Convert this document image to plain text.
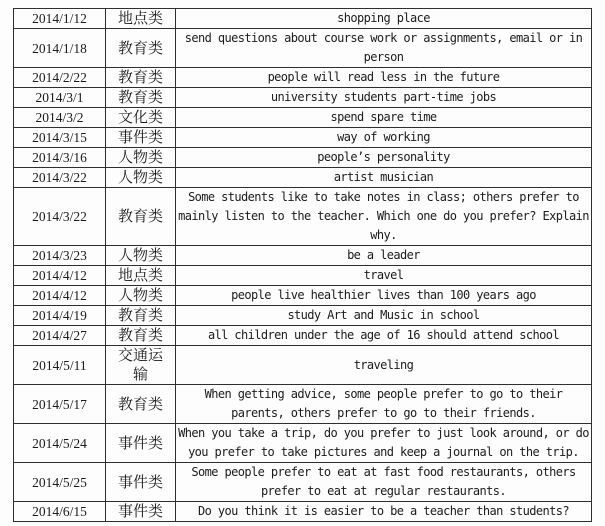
2014/1/12	地点类	shopping place
2014/1/18	教育类	send questions about course work or assignments, email or in person
2014/2/22	教育类	people will read less in the future
2014/3/1	教育类	university students part-time jobs
2014/3/2	文化类	spend spare time
2014/3/15	事件类	way of working
2014/3/16	人物类	people’s personality
2014/3/22	人物类	artist musician
2014/3/22	教育类	Some students like to take notes in class; others prefer to mainly listen to the teacher. Which one do you prefer? Explain why.
2014/3/23	人物类	be a leader
2014/4/12	地点类	travel
2014/4/12	人物类	people live healthier lives than 100 years ago
2014/4/19	教育类	study Art and Music in school
2014/4/27	教育类	all children under the age of 16 should attend school
2014/5/11	交通运输	traveling
2014/5/17	教育类	When getting advice, some people prefer to go to their parents, others prefer to go to their friends.
2014/5/24	事件类	When you take a trip, do you prefer to just look around, or do you prefer to take pictures and keep a journal on the trip.
2014/5/25	事件类	Some people prefer to eat at fast food restaurants, others prefer to eat at regular restaurants.
2014/6/15	事件类	Do you think it is easier to be a teacher than students?
